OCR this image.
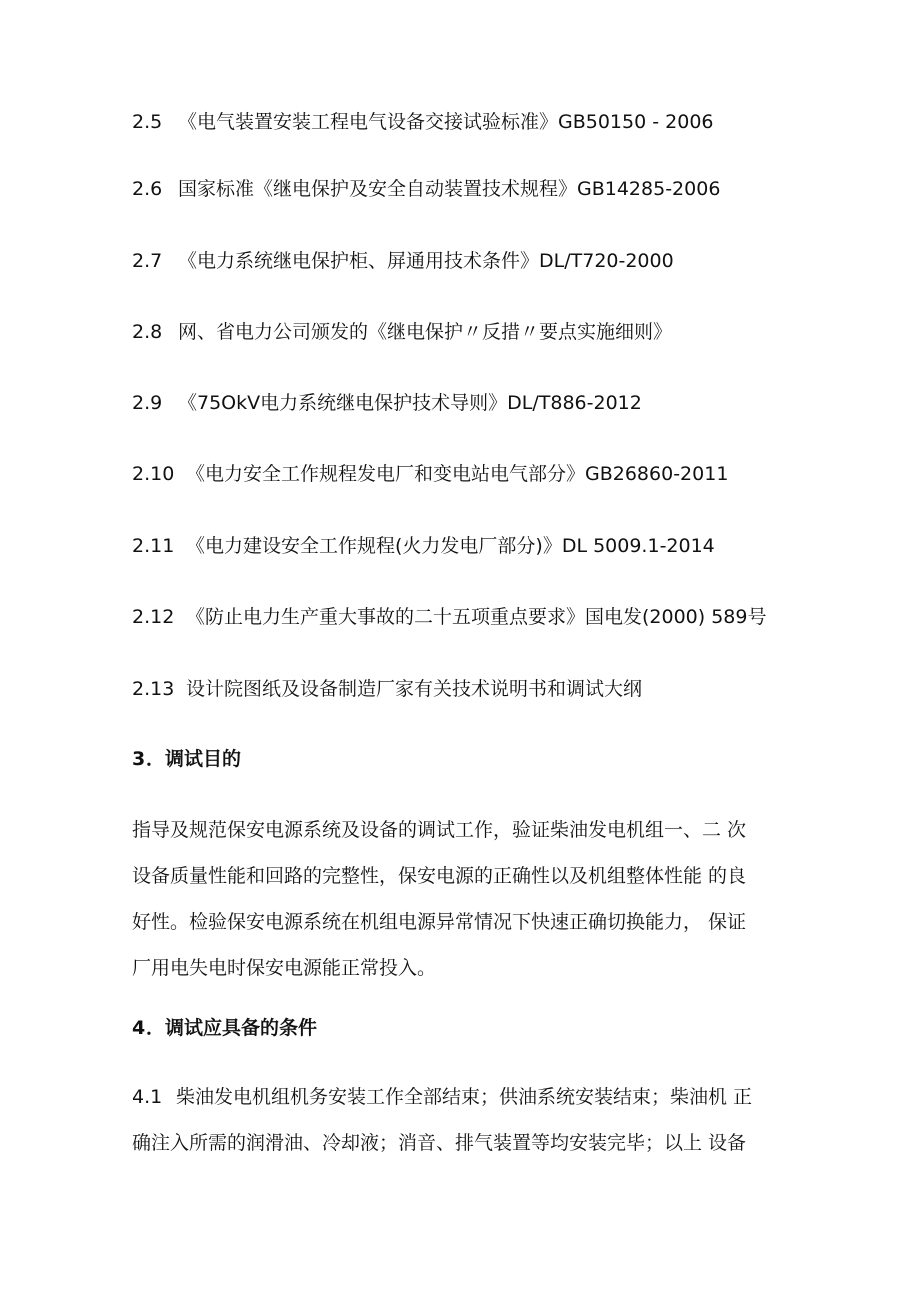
2.5 《电气装置安装工程电气设备交接试验标准》GB50150 - 2006
2.6 国家标准《继电保护及安全自动装置技术规程》GB14285-2006
2.7 《电力系统继电保护柜、屏通用技术条件》DL/T720-2000
2.8 网、省电力公司颁发的《继电保护〃反措〃要点实施细则》
2.9 《75OkV电力系统继电保护技术导则》DL/T886-2012
2.10 《电力安全工作规程发电厂和变电站电气部分》GB26860-2011
2.11 《电力建设安全工作规程(火力发电厂部分)》DL 5009.1-2014
2.12 《防止电力生产重大事故的二十五项重点要求》国电发(2000) 589号
2.13 设计院图纸及设备制造厂家有关技术说明书和调试大纲
3．调试目的
指导及规范保安电源系统及设备的调试工作，验证柴油发电机组一、二 次
设备质量性能和回路的完整性，保安电源的正确性以及机组整体性能 的良
好性。检验保安电源系统在机组电源异常情况下快速正确切换能力， 保证
厂用电失电时保安电源能正常投入。
4．调试应具备的条件
4.1 柴油发电机组机务安装工作全部结束；供油系统安装结束；柴油机 正
确注入所需的润滑油、冷却液；消音、排气装置等均安装完毕；以上 设备
